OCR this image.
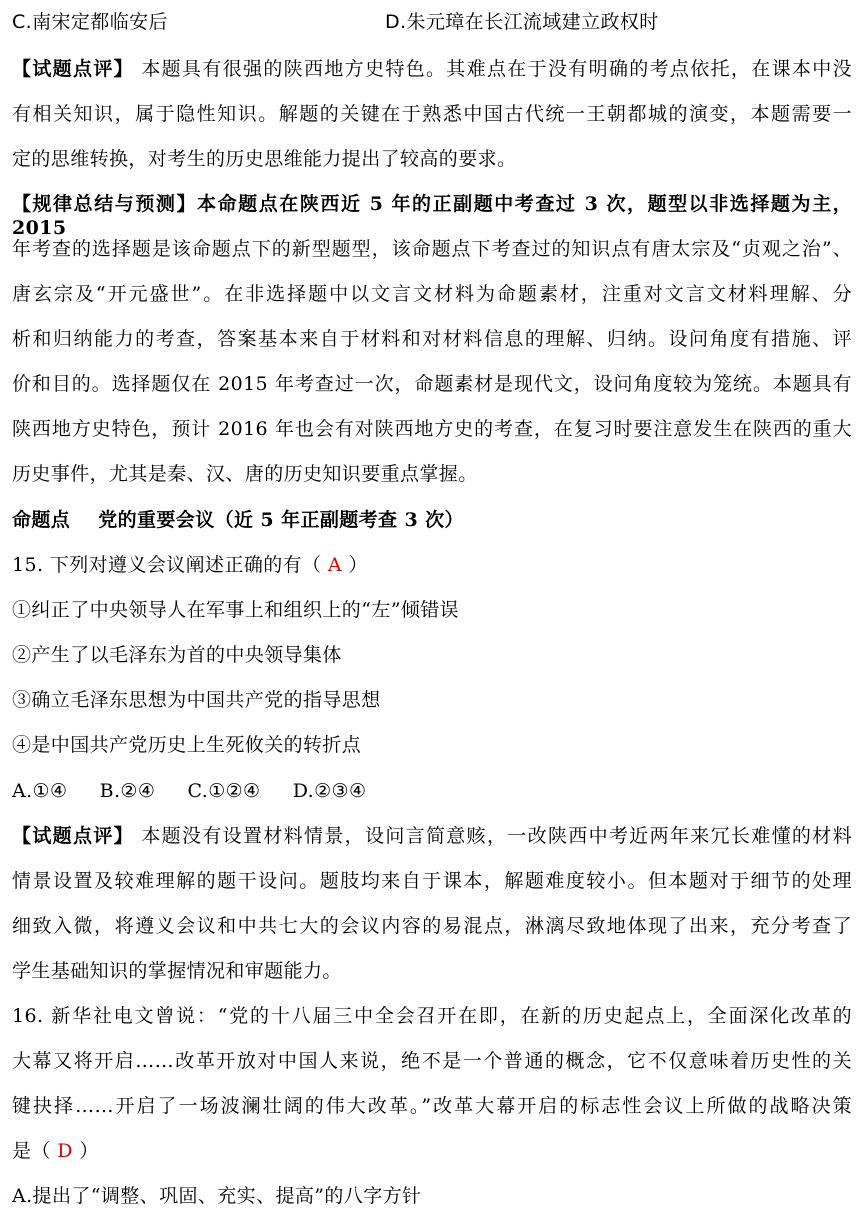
C.南宋定都临安后	D.朱元璋在长江流域建立政权时
【试题点评】 本题具有很强的陕西地方史特色。其难点在于没有明确的考点依托，在课本中没
有相关知识，属于隐性知识。解题的关键在于熟悉中国古代统一王朝都城的演变，本题需要一
定的思维转换，对考生的历史思维能力提出了较高的要求。
【规律总结与预测】本命题点在陕西近 5 年的正副题中考查过 3 次，题型以非选择题为主，2015
年考查的选择题是该命题点下的新型题型，该命题点下考查过的知识点有唐太宗及“贞观之治”、
唐玄宗及“开元盛世”。在非选择题中以文言文材料为命题素材，注重对文言文材料理解、分
析和归纳能力的考查，答案基本来自于材料和对材料信息的理解、归纳。设问角度有措施、评
价和目的。选择题仅在 2015 年考查过一次，命题素材是现代文，设问角度较为笼统。本题具有
陕西地方史特色，预计 2016 年也会有对陕西地方史的考查，在复习时要注意发生在陕西的重大
历史事件，尤其是秦、汉、唐的历史知识要重点掌握。
命题点 党的重要会议（近 5 年正副题考查 3 次）
15. 下列对遵义会议阐述正确的有（ A ）
①纠正了中央领导人在军事上和组织上的“左”倾错误
②产生了以毛泽东为首的中央领导集体
③确立毛泽东思想为中国共产党的指导思想
④是中国共产党历史上生死攸关的转折点
A.①④     B.②④     C.①②④     D.②③④
【试题点评】 本题没有设置材料情景，设问言简意赅，一改陕西中考近两年来冗长难懂的材料
情景设置及较难理解的题干设问。题肢均来自于课本，解题难度较小。但本题对于细节的处理
细致入微，将遵义会议和中共七大的会议内容的易混点，淋漓尽致地体现了出来，充分考查了
学生基础知识的掌握情况和审题能力。
16. 新华社电文曾说：“党的十八届三中全会召开在即，在新的历史起点上，全面深化改革的
大幕又将开启……改革开放对中国人来说，绝不是一个普通的概念，它不仅意味着历史性的关
键抉择……开启了一场波澜壮阔的伟大改革。”改革大幕开启的标志性会议上所做的战略决策
是（ D ）
A.提出了“调整、巩固、充实、提高”的八字方针
